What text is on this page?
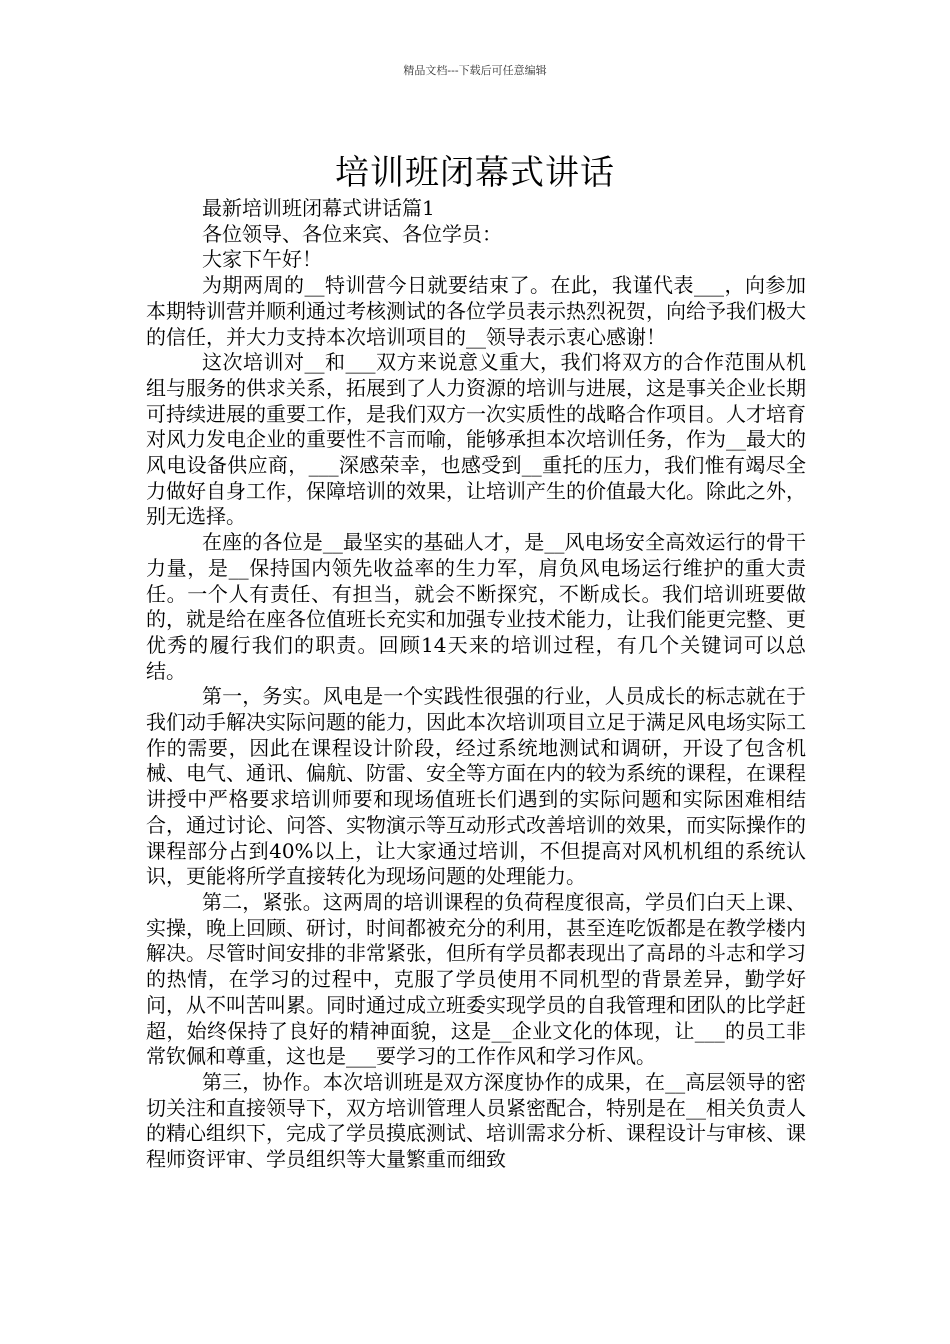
精品文档---下载后可任意编辑
培训班闭幕式讲话

最新培训班闭幕式讲话篇1

各位领导、各位来宾、各位学员：

大家下午好！

为期两周的__特训营今日就要结束了。在此，我谨代表___，向参加本期特训营并顺利通过考核测试的各位学员表示热烈祝贺，向给予我们极大的信任，并大力支持本次培训项目的__领导表示衷心感谢！

这次培训对__和___双方来说意义重大，我们将双方的合作范围从机组与服务的供求关系，拓展到了人力资源的培训与进展，这是事关企业长期可持续进展的重要工作，是我们双方一次实质性的战略合作项目。人才培育对风力发电企业的重要性不言而喻，能够承担本次培训任务，作为__最大的风电设备供应商，___深感荣幸，也感受到__重托的压力，我们惟有竭尽全力做好自身工作，保障培训的效果，让培训产生的价值最大化。除此之外，别无选择。

在座的各位是__最坚实的基础人才，是__风电场安全高效运行的骨干力量，是__保持国内领先收益率的生力军，肩负风电场运行维护的重大责任。一个人有责任、有担当，就会不断探究，不断成长。我们培训班要做的，就是给在座各位值班长充实和加强专业技术能力，让我们能更完整、更优秀的履行我们的职责。回顾14天来的培训过程，有几个关键词可以总结。

第一，务实。风电是一个实践性很强的行业，人员成长的标志就在于我们动手解决实际问题的能力，因此本次培训项目立足于满足风电场实际工作的需要，因此在课程设计阶段，经过系统地测试和调研，开设了包含机械、电气、通讯、偏航、防雷、安全等方面在内的较为系统的课程，在课程讲授中严格要求培训师要和现场值班长们遇到的实际问题和实际困难相结合，通过讨论、问答、实物演示等互动形式改善培训的效果，而实际操作的课程部分占到40%以上，让大家通过培训，不但提高对风机机组的系统认识，更能将所学直接转化为现场问题的处理能力。

第二，紧张。这两周的培训课程的负荷程度很高，学员们白天上课、实操，晚上回顾、研讨，时间都被充分的利用，甚至连吃饭都是在教学楼内解决。尽管时间安排的非常紧张，但所有学员都表现出了高昂的斗志和学习的热情，在学习的过程中，克服了学员使用不同机型的背景差异，勤学好问，从不叫苦叫累。同时通过成立班委实现学员的自我管理和团队的比学赶超，始终保持了良好的精神面貌，这是__企业文化的体现，让___的员工非常钦佩和尊重，这也是___要学习的工作作风和学习作风。

第三，协作。本次培训班是双方深度协作的成果，在__高层领导的密切关注和直接领导下，双方培训管理人员紧密配合，特别是在__相关负责人的精心组织下，完成了学员摸底测试、培训需求分析、课程设计与审核、课程师资评审、学员组织等大量繁重而细致
